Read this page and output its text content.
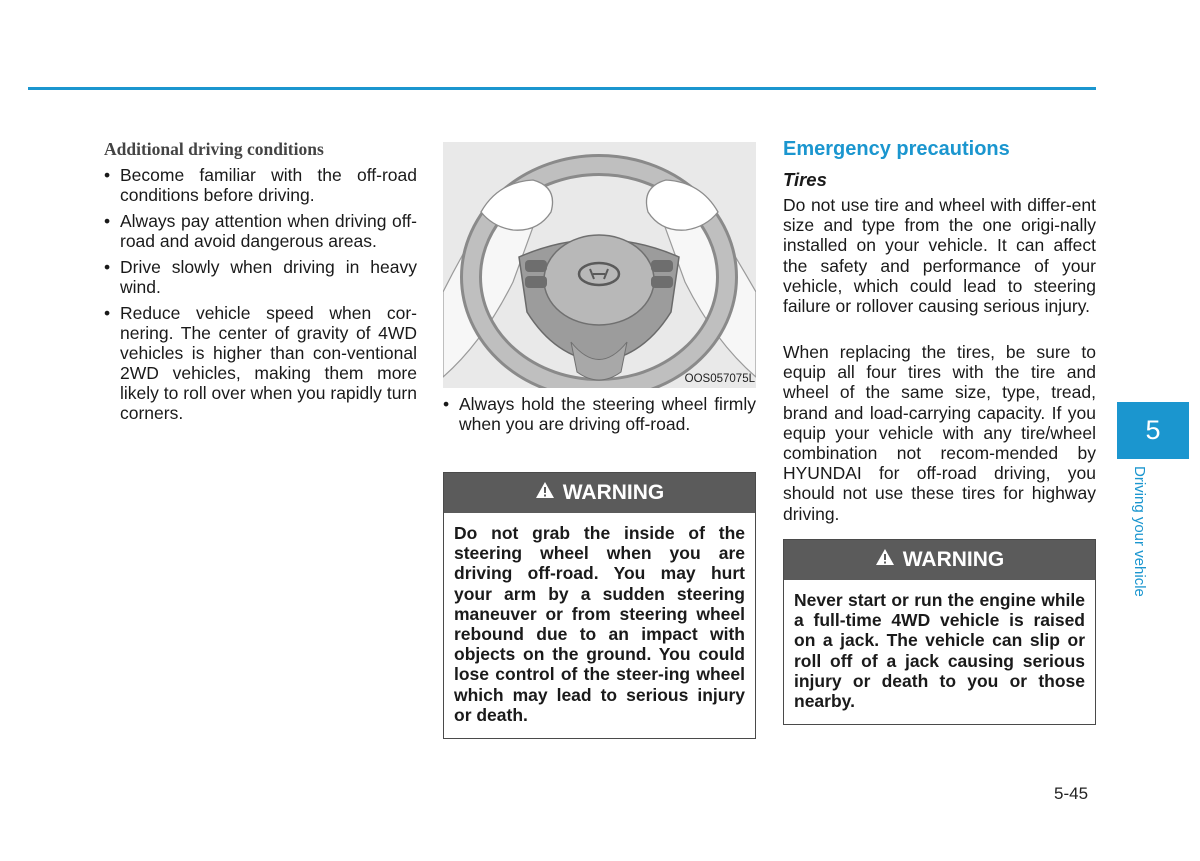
Additional driving conditions
• Become familiar with the off-road conditions before driving.
• Always pay attention when driving off-road and avoid dangerous areas.
• Drive slowly when driving in heavy wind.
• Reduce vehicle speed when cor-nering. The center of gravity of 4WD vehicles is higher than con-ventional 2WD vehicles, making them more likely to roll over when you rapidly turn corners.
OOS057075L
• Always hold the steering wheel firmly when you are driving off-road.
WARNING
Do not grab the inside of the steering wheel when you are driving off-road. You may hurt your arm by a sudden steering maneuver or from steering wheel rebound due to an impact with objects on the ground. You could lose control of the steer-ing wheel which may lead to serious injury or death.
Emergency precautions
Tires

Do not use tire and wheel with differ-ent size and type from the one origi-nally installed on your vehicle. It can affect the safety and performance of your vehicle, which could lead to steering failure or rollover causing serious injury.

When replacing the tires, be sure to equip all four tires with the tire and wheel of the same size, type, tread, brand and load-carrying capacity. If you equip your vehicle with any tire/wheel combination not recom-mended by HYUNDAI for off-road driving, you should not use these tires for highway driving.

WARNING
Never start or run the engine while a full-time 4WD vehicle is raised on a jack. The vehicle can slip or roll off of a jack causing serious injury or death to you or those nearby.
5
Driving your vehicle
5-45
